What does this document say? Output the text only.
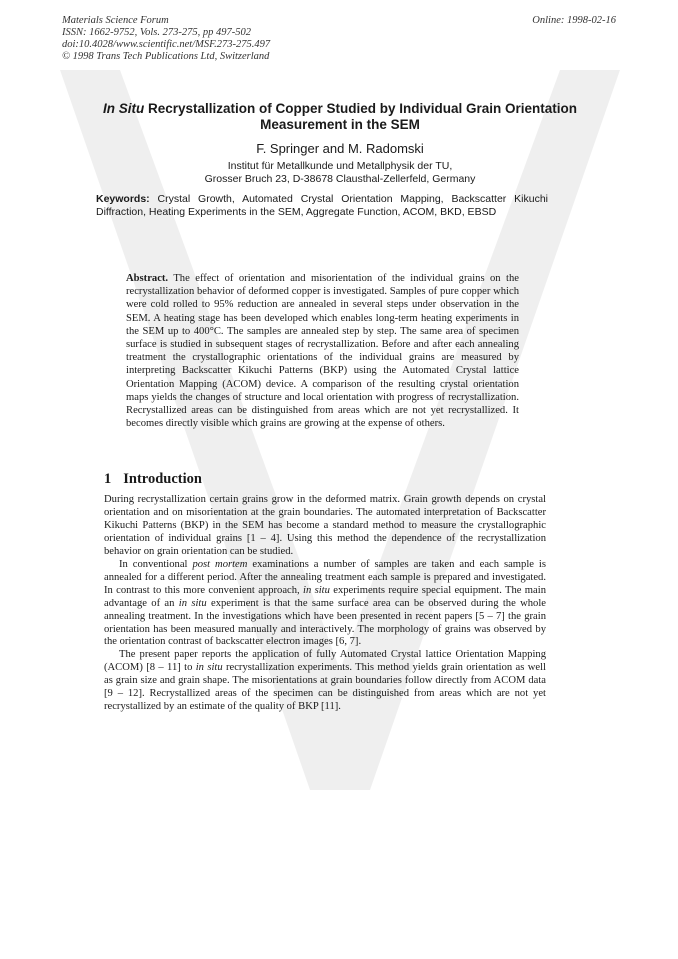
Materials Science Forum
ISSN: 1662-9752, Vols. 273-275, pp 497-502
doi:10.4028/www.scientific.net/MSF.273-275.497
© 1998 Trans Tech Publications Ltd, Switzerland
Online: 1998-02-16
In Situ Recrystallization of Copper Studied by Individual Grain Orientation Measurement in the SEM
F. Springer and M. Radomski
Institut für Metallkunde und Metallphysik der TU,
Grosser Bruch 23, D-38678 Clausthal-Zellerfeld, Germany
Keywords: Crystal Growth, Automated Crystal Orientation Mapping, Backscatter Kikuchi Diffraction, Heating Experiments in the SEM, Aggregate Function, ACOM, BKD, EBSD
Abstract. The effect of orientation and misorientation of the individual grains on the recrystallization behavior of deformed copper is investigated. Samples of pure copper which were cold rolled to 95% reduction are annealed in several steps under observation in the SEM. A heating stage has been developed which enables long-term heating experiments in the SEM up to 400°C. The samples are annealed step by step. The same area of specimen surface is studied in subsequent stages of recrystallization. Before and after each annealing treatment the crystallographic orientations of the individual grains are measured by interpreting Backscatter Kikuchi Patterns (BKP) using the Automated Crystal lattice Orientation Mapping (ACOM) device. A comparison of the resulting crystal orientation maps yields the changes of structure and local orientation with progress of recrystallization. Recrystallized areas can be distinguished from areas which are not yet recrystallized. It becomes directly visible which grains are growing at the expense of others.
1 Introduction

During recrystallization certain grains grow in the deformed matrix. Grain growth depends on crystal orientation and on misorientation at the grain boundaries. The automated interpretation of Backscatter Kikuchi Patterns (BKP) in the SEM has become a standard method to measure the crystallographic orientation of individual grains [1 – 4]. Using this method the dependence of the recrystallization behavior on grain orientation can be studied.

In conventional post mortem examinations a number of samples are taken and each sample is annealed for a different period. After the annealing treatment each sample is prepared and investigated. In contrast to this more convenient approach, in situ experiments require special equipment. The main advantage of an in situ experiment is that the same surface area can be observed during the whole annealing treatment. In the investigations which have been presented in recent papers [5 – 7] the grain orientation has been measured manually and interactively. The morphology of grains was observed by the orientation contrast of backscatter electron images [6, 7].

The present paper reports the application of fully Automated Crystal lattice Orientation Mapping (ACOM) [8 – 11] to in situ recrystallization experiments. This method yields grain orientation as well as grain size and grain shape. The misorientations at grain boundaries follow directly from ACOM data [9 – 12]. Recrystallized areas of the specimen can be distinguished from areas which are not yet recrystallized by an estimate of the quality of BKP [11].
